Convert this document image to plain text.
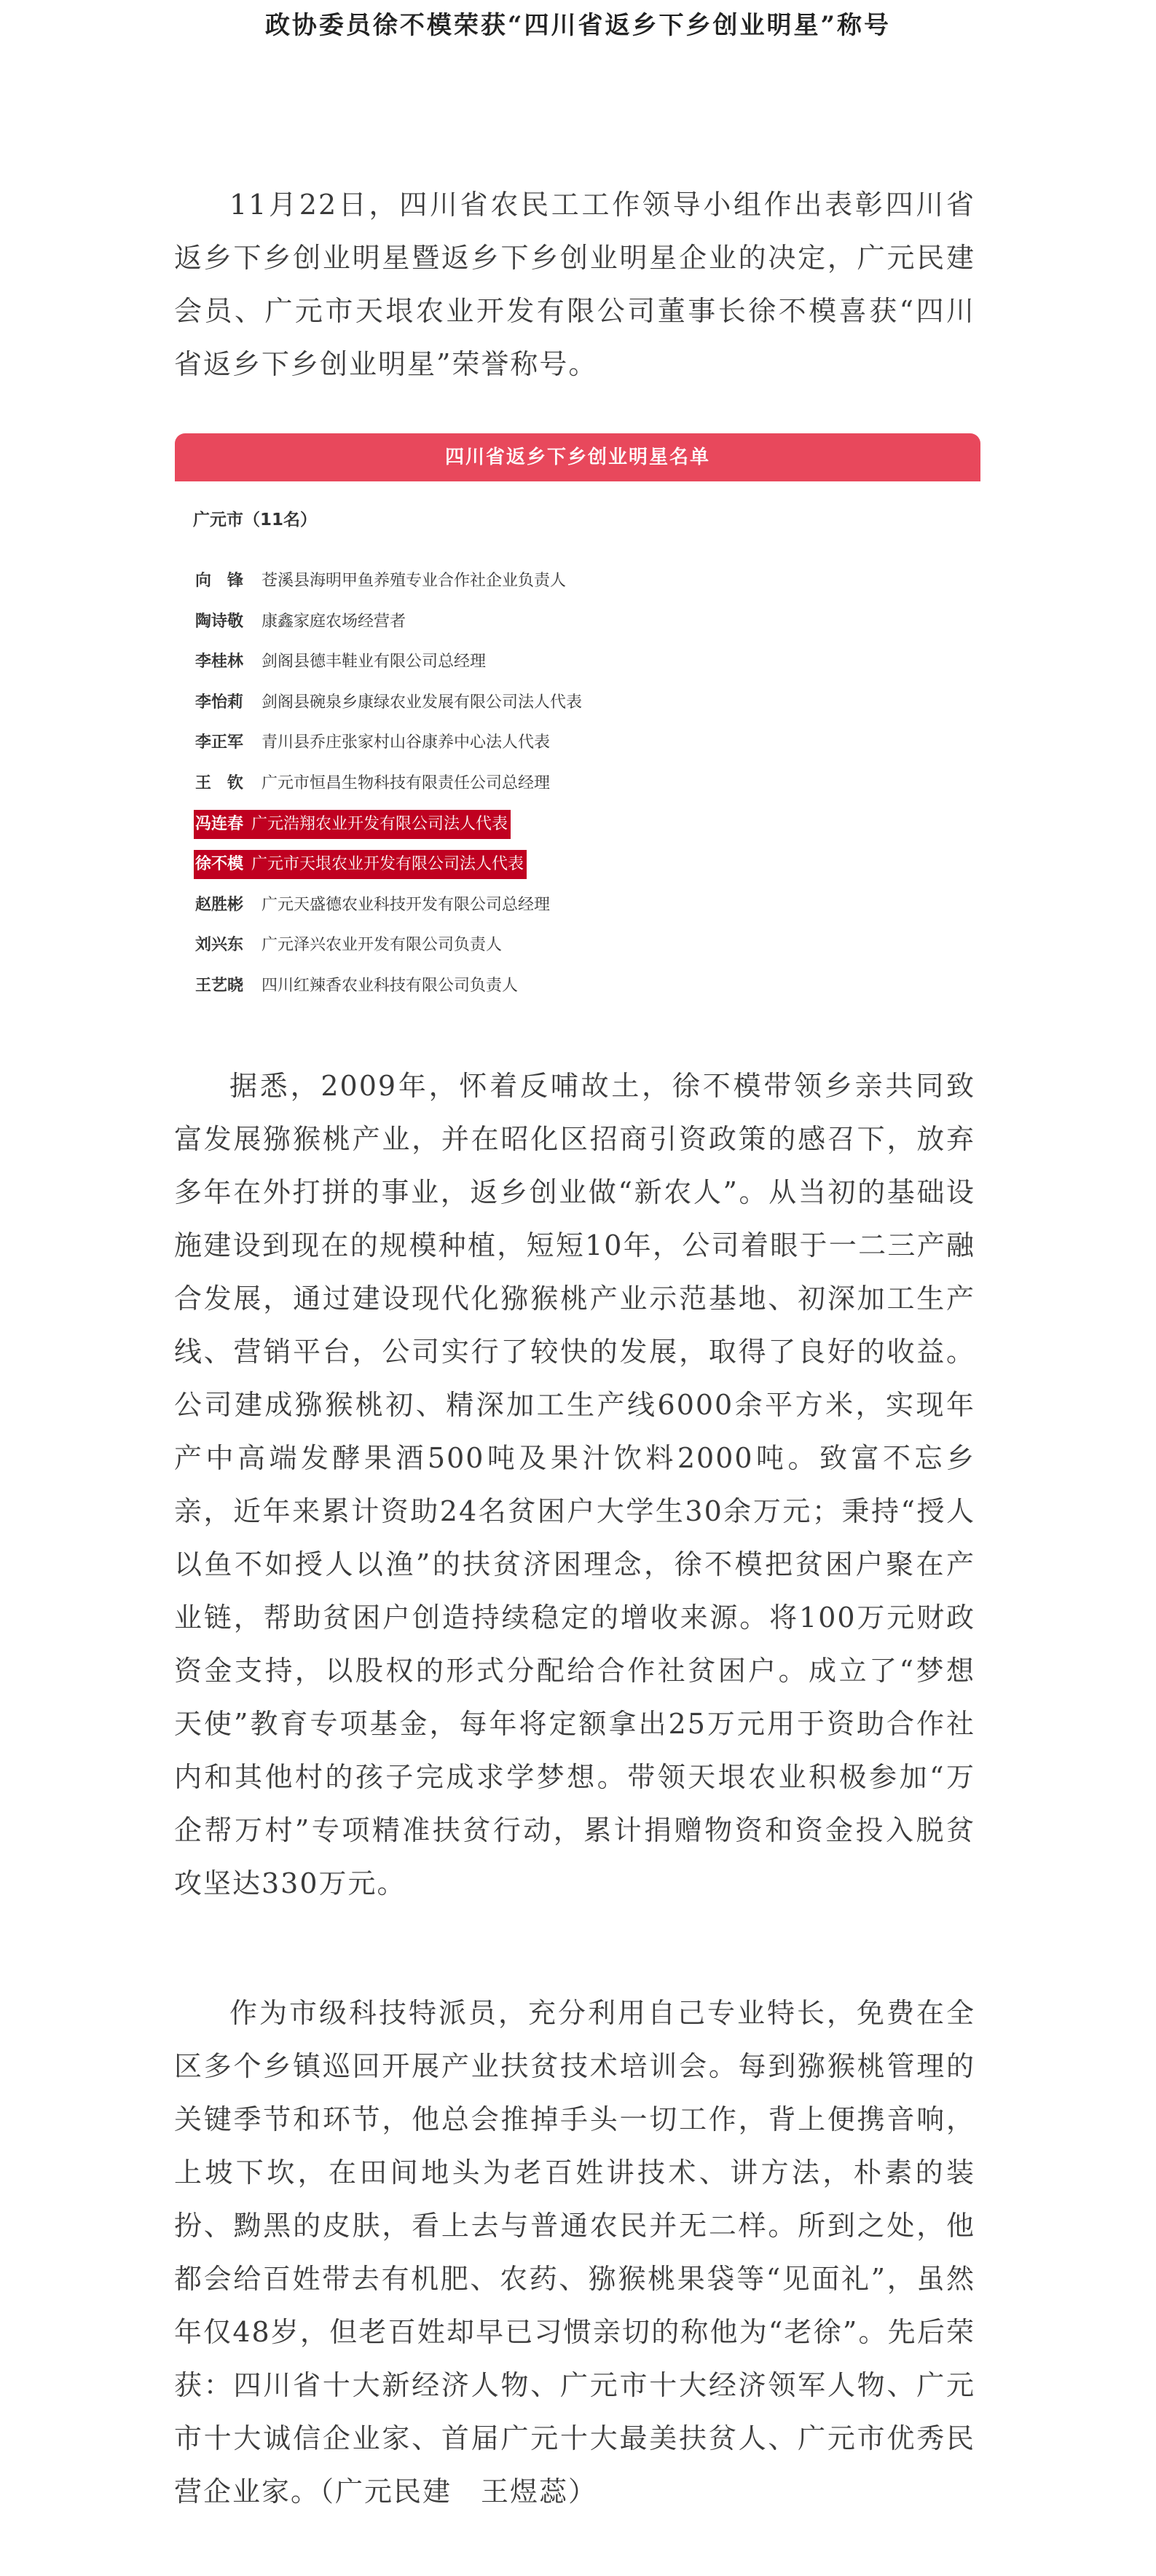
政协委员徐不模荣获“四川省返乡下乡创业明星”称号

11月22日，四川省农民工工作领导小组作出表彰四川省返乡下乡创业明星暨返乡下乡创业明星企业的决定，广元民建会员、广元市天垠农业开发有限公司董事长徐不模喜获“四川省返乡下乡创业明星”荣誉称号。

四川省返乡下乡创业明星名单
广元市（11名）
向　锋 苍溪县海明甲鱼养殖专业合作社企业负责人
陶诗敬 康鑫家庭农场经营者
李桂林 剑阁县德丰鞋业有限公司总经理
李怡莉 剑阁县碗泉乡康绿农业发展有限公司法人代表
李正军 青川县乔庄张家村山谷康养中心法人代表
王　钦 广元市恒昌生物科技有限责任公司总经理
冯连春 广元浩翔农业开发有限公司法人代表
徐不模 广元市天垠农业开发有限公司法人代表
赵胜彬 广元天盛德农业科技开发有限公司总经理
刘兴东 广元泽兴农业开发有限公司负责人
王艺晓 四川红辣香农业科技有限公司负责人

据悉，2009年，怀着反哺故土，徐不模带领乡亲共同致富发展猕猴桃产业，并在昭化区招商引资政策的感召下，放弃多年在外打拼的事业，返乡创业做“新农人”。从当初的基础设施建设到现在的规模种植，短短10年，公司着眼于一二三产融合发展，通过建设现代化猕猴桃产业示范基地、初深加工生产线、营销平台，公司实行了较快的发展，取得了良好的收益。公司建成猕猴桃初、精深加工生产线6000余平方米，实现年产中高端发酵果酒500吨及果汁饮料2000吨。致富不忘乡亲，近年来累计资助24名贫困户大学生30余万元；秉持“授人以鱼不如授人以渔”的扶贫济困理念，徐不模把贫困户聚在产业链，帮助贫困户创造持续稳定的增收来源。将100万元财政资金支持，以股权的形式分配给合作社贫困户。成立了“梦想天使”教育专项基金，每年将定额拿出25万元用于资助合作社内和其他村的孩子完成求学梦想。带领天垠农业积极参加“万企帮万村”专项精准扶贫行动，累计捐赠物资和资金投入脱贫攻坚达330万元。

作为市级科技特派员，充分利用自己专业特长，免费在全区多个乡镇巡回开展产业扶贫技术培训会。每到猕猴桃管理的关键季节和环节，他总会推掉手头一切工作，背上便携音响，上坡下坎，在田间地头为老百姓讲技术、讲方法，朴素的装扮、黝黑的皮肤，看上去与普通农民并无二样。所到之处，他都会给百姓带去有机肥、农药、猕猴桃果袋等“见面礼”，虽然年仅48岁，但老百姓却早已习惯亲切的称他为“老徐”。先后荣获：四川省十大新经济人物、广元市十大经济领军人物、广元市十大诚信企业家、首届广元十大最美扶贫人、广元市优秀民营企业家。（广元民建　王煜蕊）
